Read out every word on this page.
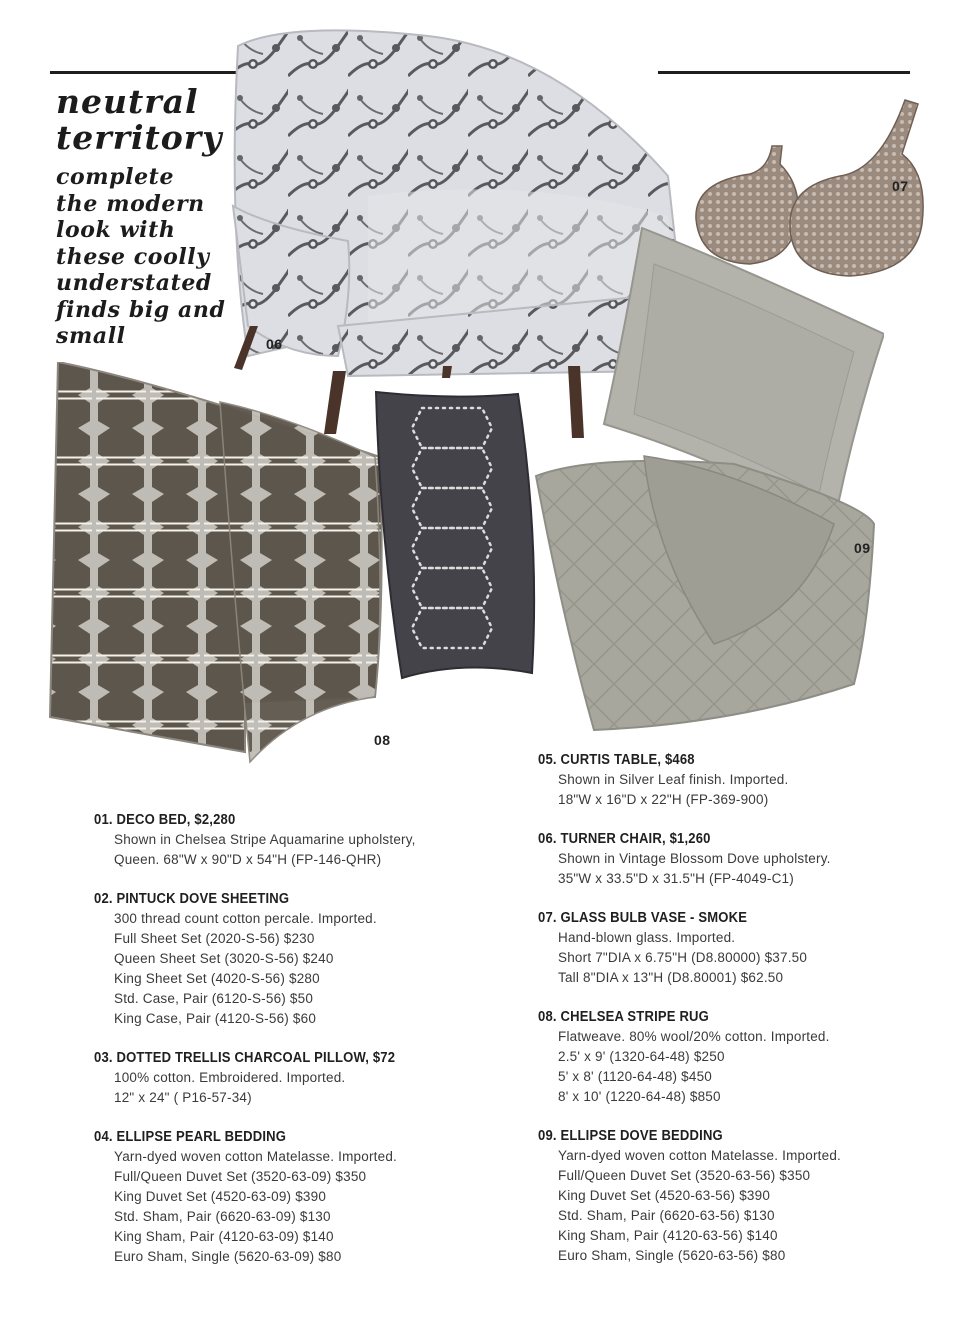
neutral
territory
complete
the modern
look with
these coolly
understated
finds big and
small	06
07
09
08
01. DECO BED, $2,280
Shown in Chelsea Stripe Aquamarine upholstery,
Queen. 68"W x 90"D x 54"H (FP-146-QHR)
02. PINTUCK DOVE SHEETING
300 thread count cotton percale. Imported.
Full Sheet Set (2020-S-56) $230
Queen Sheet Set (3020-S-56) $240
King Sheet Set (4020-S-56) $280
Std. Case, Pair (6120-S-56) $50
King Case, Pair (4120-S-56) $60
03. DOTTED TRELLIS CHARCOAL PILLOW, $72
100% cotton. Embroidered. Imported.
12" x 24" ( P16-57-34)
04. ELLIPSE PEARL BEDDING
Yarn-dyed woven cotton Matelasse. Imported.
Full/Queen Duvet Set (3520-63-09) $350
King Duvet Set (4520-63-09) $390
Std. Sham, Pair (6620-63-09) $130
King Sham, Pair (4120-63-09) $140
Euro Sham, Single (5620-63-09) $80
05. CURTIS TABLE, $468
Shown in Silver Leaf finish. Imported.
18"W x 16"D x 22"H (FP-369-900)
06. TURNER CHAIR, $1,260
Shown in Vintage Blossom Dove upholstery.
35"W x 33.5"D x 31.5"H (FP-4049-C1)
07. GLASS BULB VASE - SMOKE
Hand-blown glass. Imported.
Short 7"DIA x 6.75"H (D8.80000) $37.50
Tall 8"DIA x 13"H (D8.80001) $62.50
08. CHELSEA STRIPE RUG
Flatweave. 80% wool/20% cotton. Imported.
2.5' x 9' (1320-64-48) $250
5' x 8' (1120-64-48) $450
8' x 10' (1220-64-48) $850
09. ELLIPSE DOVE BEDDING
Yarn-dyed woven cotton Matelasse. Imported.
Full/Queen Duvet Set (3520-63-56) $350
King Duvet Set (4520-63-56) $390
Std. Sham, Pair (6620-63-56) $130
King Sham, Pair (4120-63-56) $140
Euro Sham, Single (5620-63-56) $80
